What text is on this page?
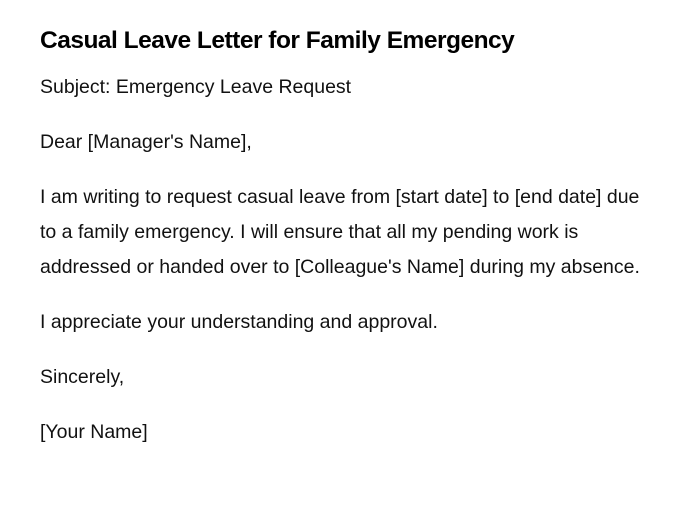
Casual Leave Letter for Family Emergency

Subject: Emergency Leave Request

Dear [Manager's Name],

I am writing to request casual leave from [start date] to [end date] due to a family emergency. I will ensure that all my pending work is addressed or handed over to [Colleague's Name] during my absence.

I appreciate your understanding and approval.

Sincerely,

[Your Name]
